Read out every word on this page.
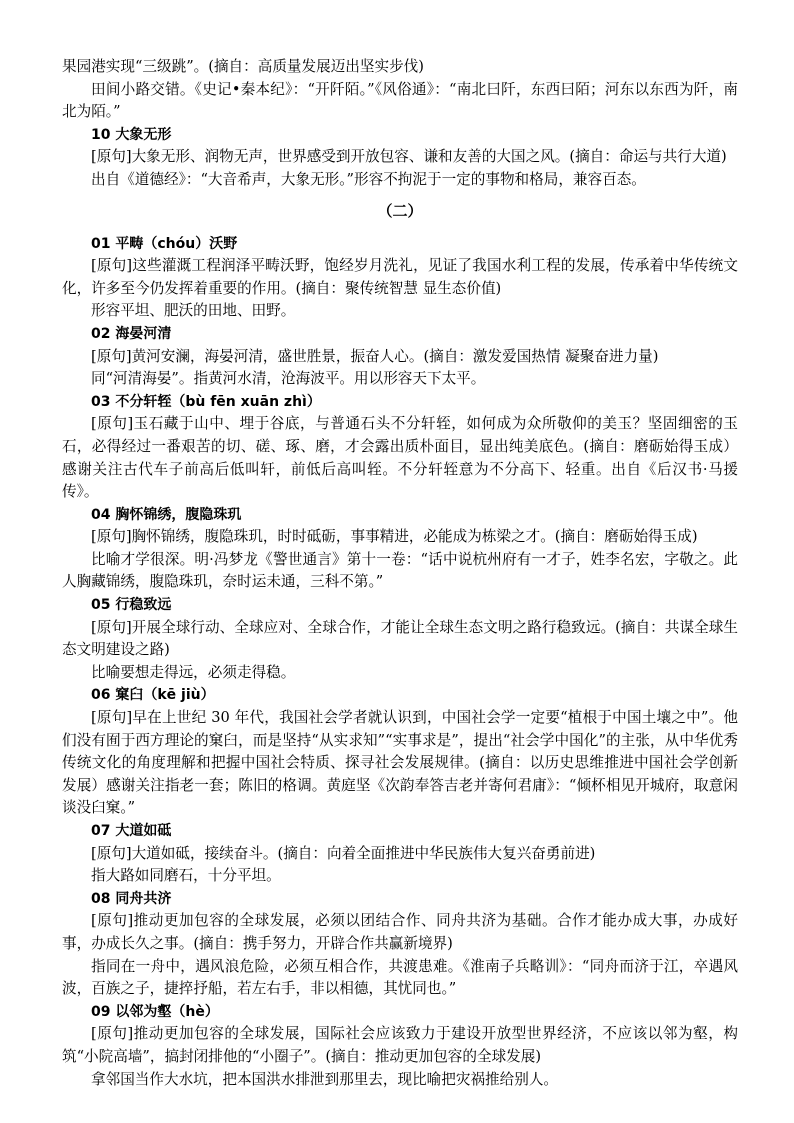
果园港实现“三级跳”。(摘自：高质量发展迈出坚实步伐)

田间小路交错。《史记•秦本纪》：“开阡陌。”《风俗通》：“南北曰阡，东西曰陌；河东以东西为阡，南北为陌。”

10 大象无形

[原句]大象无形、润物无声，世界感受到开放包容、谦和友善的大国之风。(摘自：命运与共行大道)

出自《道德经》：“大音希声，大象无形。”形容不拘泥于一定的事物和格局，兼容百态。

（二）

01 平畴（chóu）沃野

[原句]这些灌溉工程润泽平畴沃野，饱经岁月洗礼，见证了我国水利工程的发展，传承着中华传统文化，许多至今仍发挥着重要的作用。(摘自：聚传统智慧 显生态价值)

形容平坦、肥沃的田地、田野。

02 海晏河清

[原句]黄河安澜，海晏河清，盛世胜景，振奋人心。(摘自：激发爱国热情 凝聚奋进力量)

同“河清海晏”。指黄河水清，沧海波平。用以形容天下太平。

03 不分轩轾（bù fēn xuān zhì）

[原句]玉石藏于山中、埋于谷底，与普通石头不分轩轾，如何成为众所敬仰的美玉？坚固细密的玉石，必得经过一番艰苦的切、磋、琢、磨，才会露出质朴面目，显出纯美底色。(摘自：磨砺始得玉成）感谢关注古代车子前高后低叫轩，前低后高叫轾。不分轩轾意为不分高下、轻重。出自《后汉书·马援传》。

04 胸怀锦绣，腹隐珠玑

[原句]胸怀锦绣，腹隐珠玑，时时砥砺，事事精进，必能成为栋梁之才。(摘自：磨砺始得玉成)

比喻才学很深。明·冯梦龙《警世通言》第十一卷：“话中说杭州府有一才子，姓李名宏，字敬之。此人胸藏锦绣，腹隐珠玑，奈时运未通，三科不第。”

05 行稳致远

[原句]开展全球行动、全球应对、全球合作，才能让全球生态文明之路行稳致远。(摘自：共谋全球生态文明建设之路)

比喻要想走得远，必须走得稳。

06 窠臼（kē jiù）

[原句]早在上世纪 30 年代，我国社会学者就认识到，中国社会学一定要“植根于中国土壤之中”。他们没有囿于西方理论的窠臼，而是坚持“从实求知”“实事求是”，提出“社会学中国化”的主张，从中华优秀传统文化的角度理解和把握中国社会特质、探寻社会发展规律。(摘自：以历史思维推进中国社会学创新发展）感谢关注指老一套；陈旧的格调。黄庭坚《次韵奉答吉老并寄何君庸》：“倾杯相见开城府，取意闲谈没臼窠。”

07 大道如砥

[原句]大道如砥，接续奋斗。(摘自：向着全面推进中华民族伟大复兴奋勇前进)

指大路如同磨石，十分平坦。

08 同舟共济

[原句]推动更加包容的全球发展，必须以团结合作、同舟共济为基础。合作才能办成大事，办成好事，办成长久之事。(摘自：携手努力，开辟合作共赢新境界)

指同在一舟中，遇风浪危险，必须互相合作，共渡患难。《淮南子兵略训》：“同舟而济于江，卒遇风波，百族之子，捷捽抒船，若左右手，非以相德，其忧同也。”

09 以邻为壑（hè）

[原句]推动更加包容的全球发展，国际社会应该致力于建设开放型世界经济，不应该以邻为壑，构筑“小院高墙”，搞封闭排他的“小圈子”。(摘自：推动更加包容的全球发展)

拿邻国当作大水坑，把本国洪水排泄到那里去，现比喻把灾祸推给别人。
